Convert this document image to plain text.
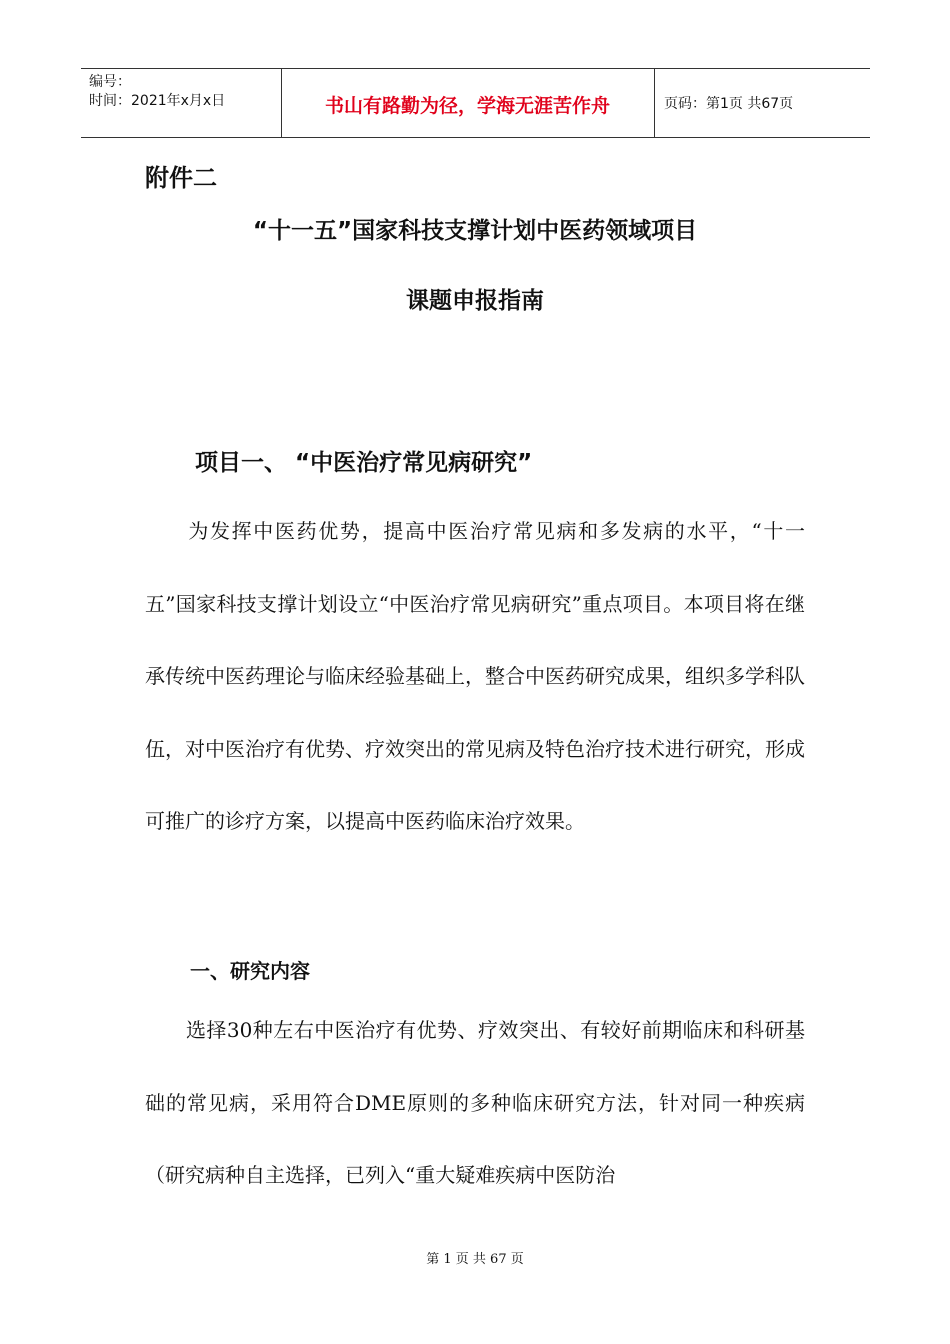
编号：
时间：2021年x月x日	书山有路勤为径，学海无涯苦作舟	页码：第1页 共67页
附件二
“十一五”国家科技支撑计划中医药领域项目
课题申报指南
项目一、 “中医治疗常见病研究”

　　为发挥中医药优势，提高中医治疗常见病和多发病的水平，“十一五”国家科技支撑计划设立“中医治疗常见病研究”重点项目。本项目将在继承传统中医药理论与临床经验基础上，整合中医药研究成果，组织多学科队伍，对中医治疗有优势、疗效突出的常见病及特色治疗技术进行研究，形成可推广的诊疗方案，以提高中医药临床治疗效果。

一、研究内容

　　选择30种左右中医治疗有优势、疗效突出、有较好前期临床和科研基础的常见病，采用符合DME原则的多种临床研究方法，针对同一种疾病（研究病种自主选择，已列入“重大疑难疾病中医防治

第 1 页 共 67 页
